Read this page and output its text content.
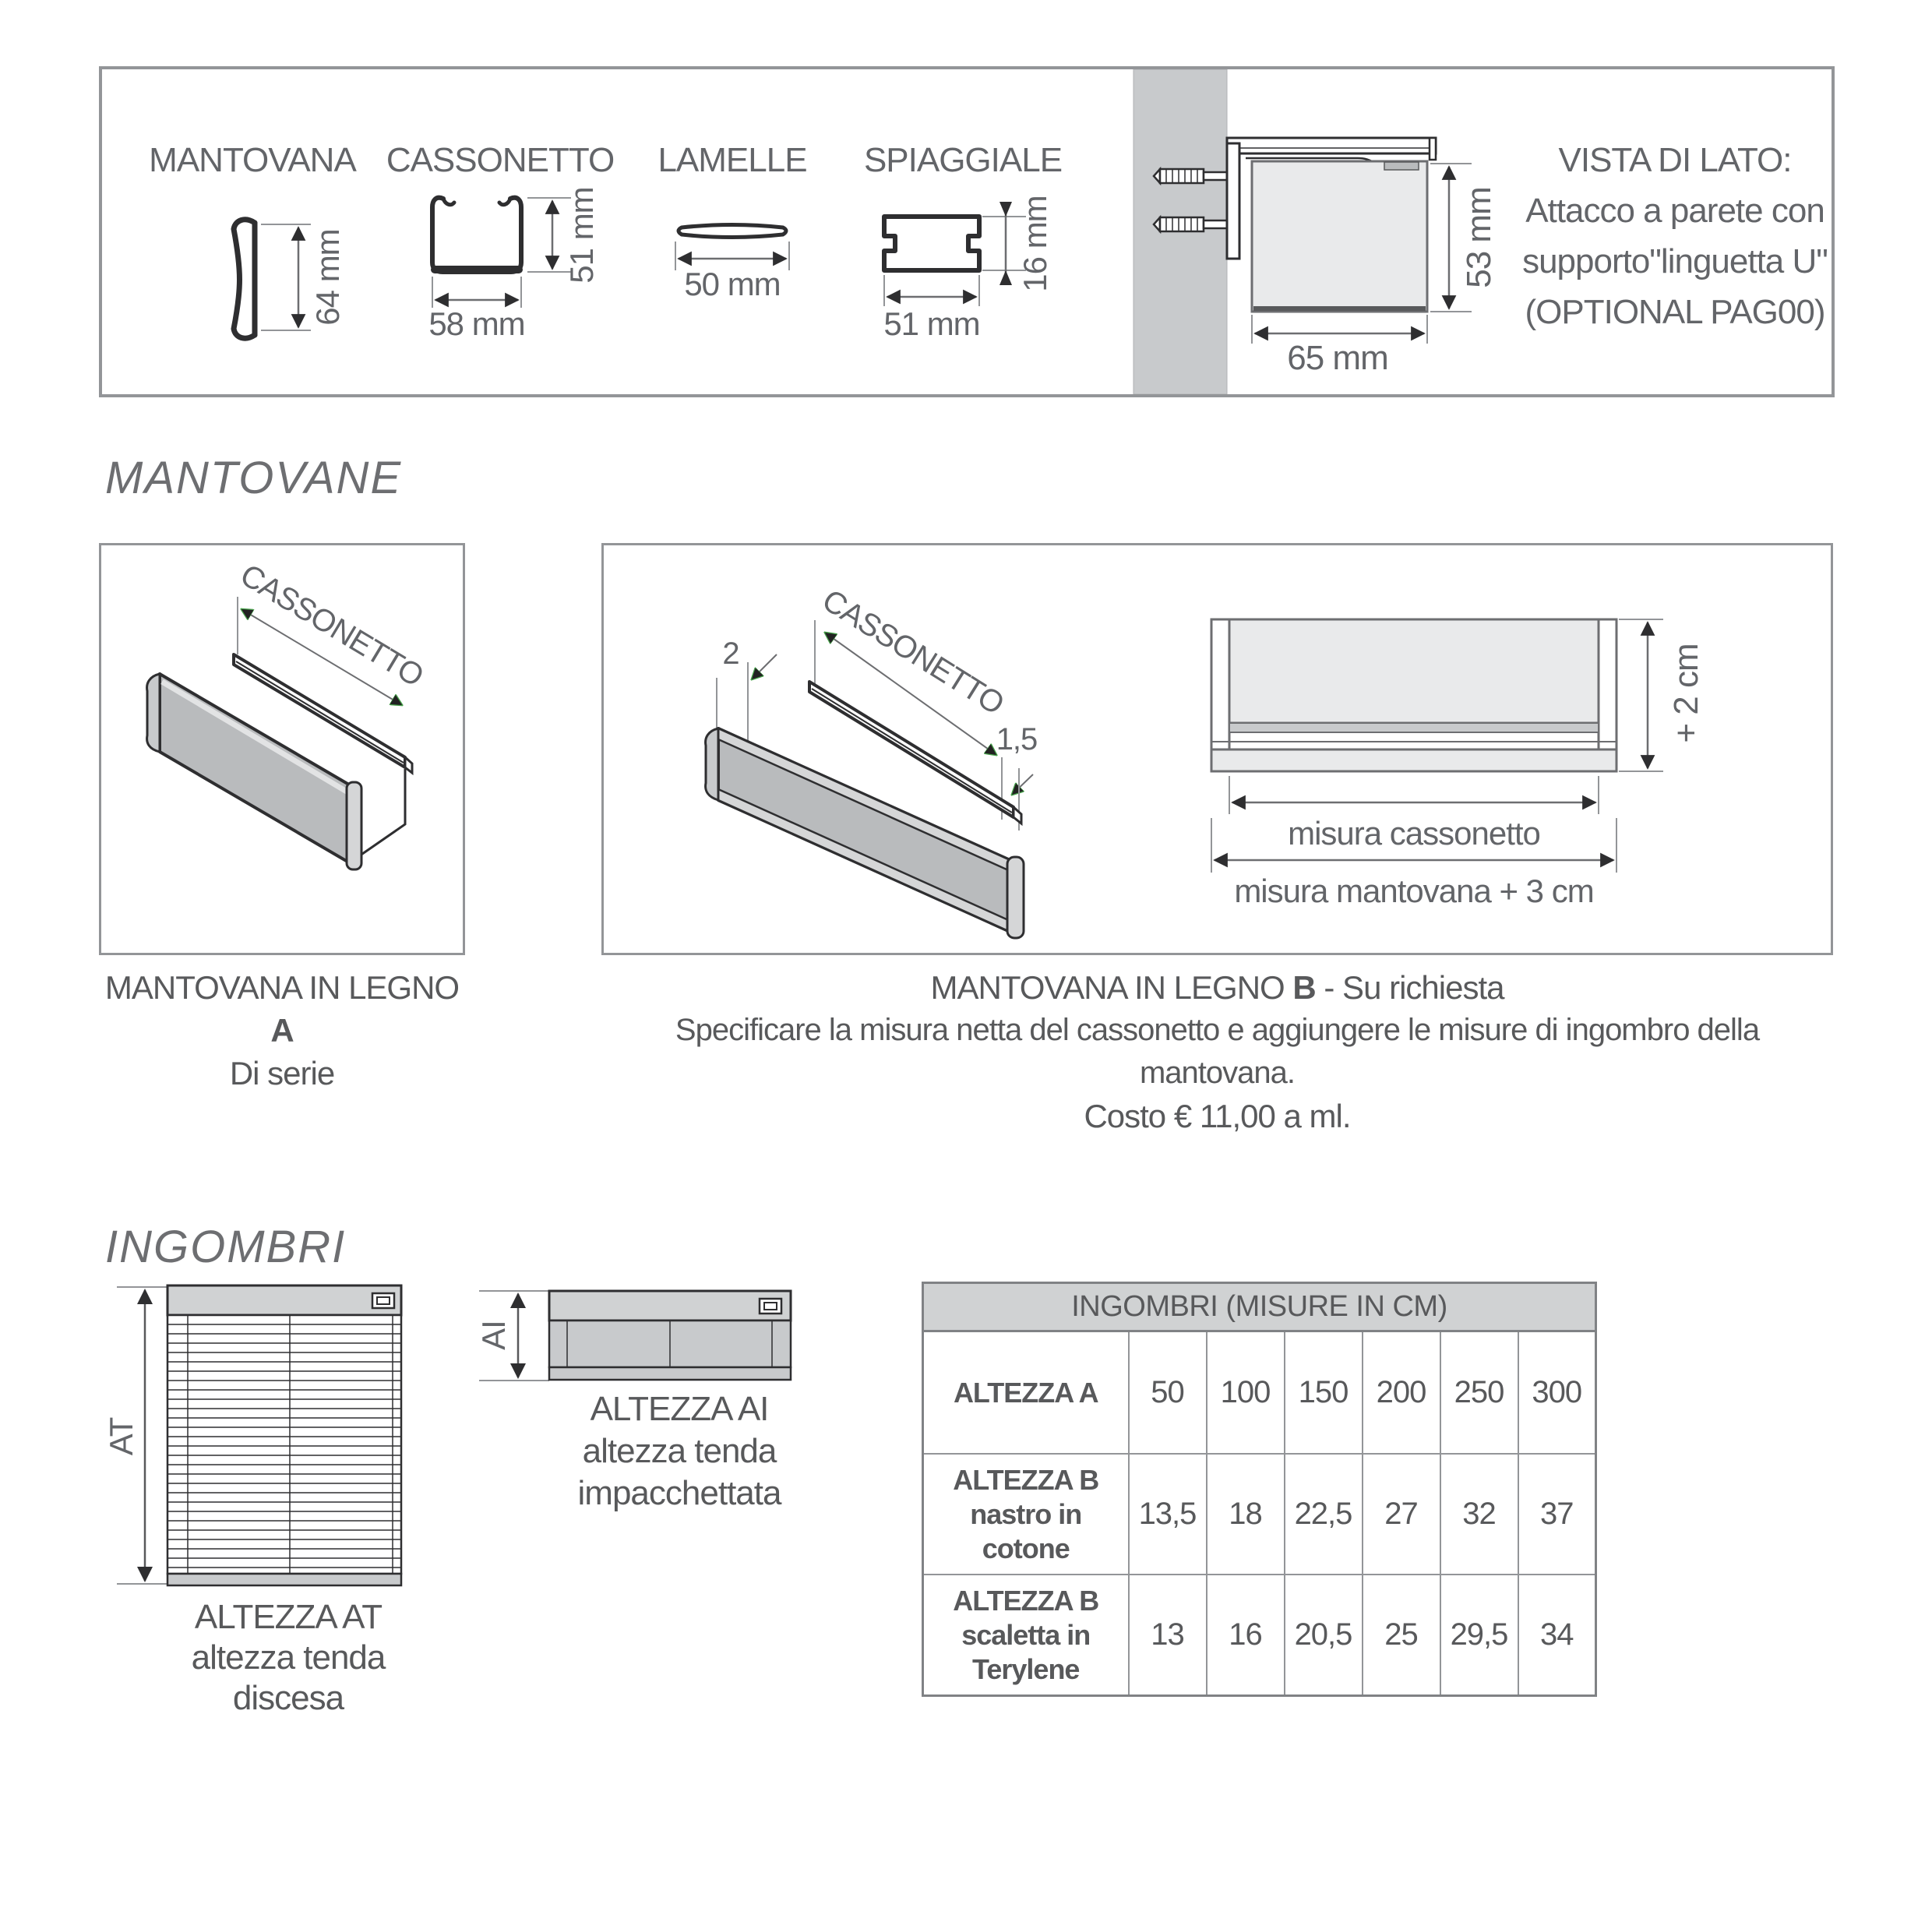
MANTOVANA CASSONETTO LAMELLE SPIAGGIALE
64 mm	51 mm
58 mm
50 mm	16 mm
51 mm
53 mm
65 mm
VISTA DI LATO:
Attacco a parete con
supporto"linguetta U"
(OPTIONAL PAG00)
MANTOVANE
CASSONETTO	2 CASSONETTO
1,5	+ 2 cm
misura cassonetto
misura mantovana + 3 cm
MANTOVANA IN LEGNO A
Di serie
MANTOVANA IN LEGNO B - Su richiesta
Specificare la misura netta del cassonetto e aggiungere le misure di ingombro della mantovana.
Costo € 11,00 a ml.
INGOMBRI
AT
AI
ALTEZZA AT
altezza tenda
discesa
ALTEZZA AI
altezza tenda
impacchettata
INGOMBRI (MISURE IN CM)						

ALTEZZA A	50	100	150	200	250	300

ALTEZZA B
nastro in cotone	13,5	18	22,5	27	32	37

ALTEZZA B
scaletta in
Terylene	13	16	20,5	25	29,5	34
